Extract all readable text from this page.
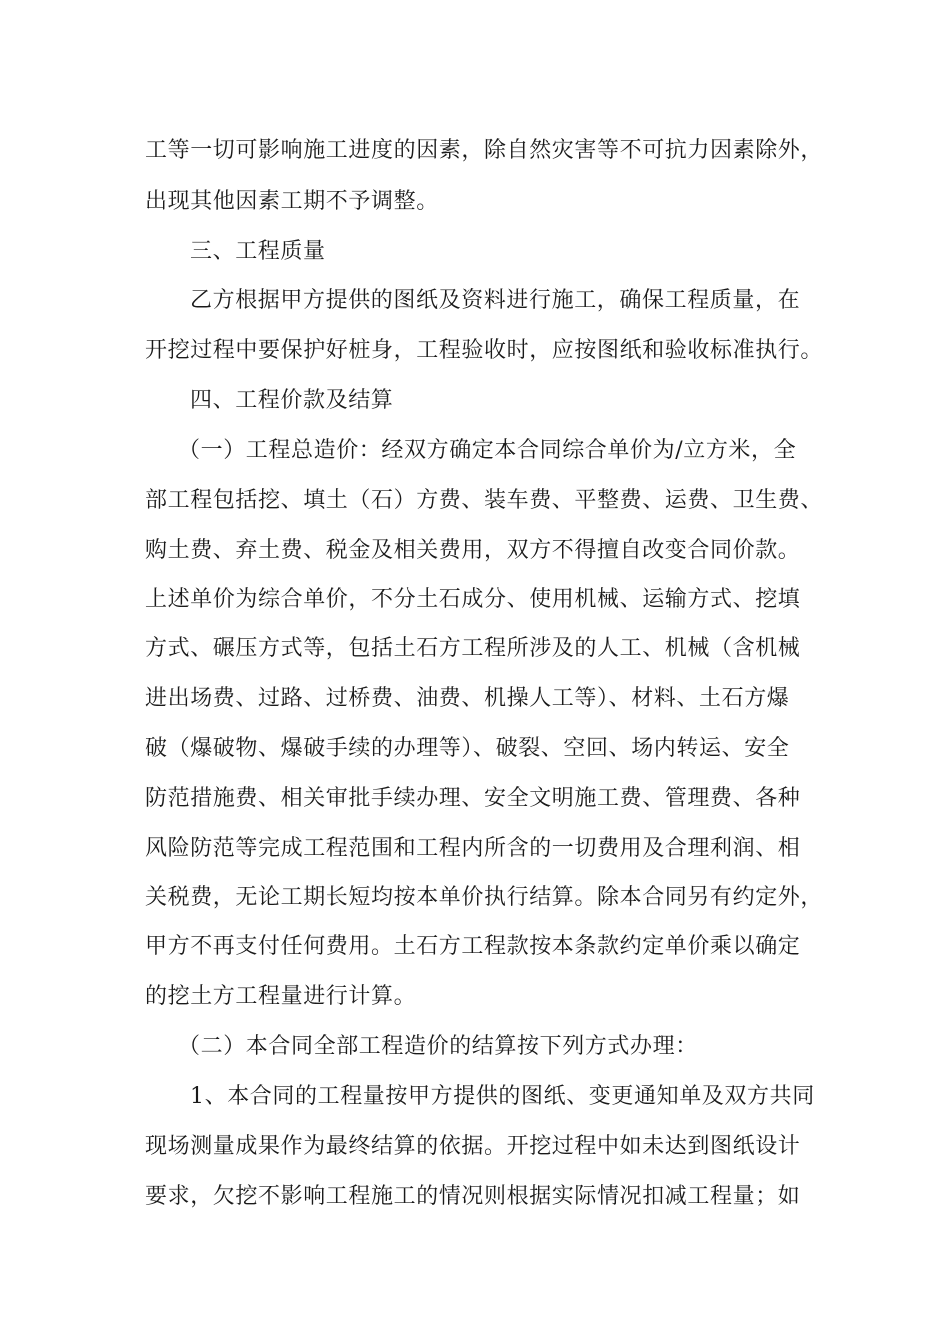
工等一切可影响施工进度的因素，除自然灾害等不可抗力因素除外，
出现其他因素工期不予调整。
三、工程质量
乙方根据甲方提供的图纸及资料进行施工，确保工程质量，在
开挖过程中要保护好桩身，工程验收时，应按图纸和验收标准执行。
四、工程价款及结算
（一）工程总造价：经双方确定本合同综合单价为/立方米，全
部工程包括挖、填土（石）方费、装车费、平整费、运费、卫生费、
购土费、弃土费、税金及相关费用，双方不得擅自改变合同价款。
上述单价为综合单价，不分土石成分、使用机械、运输方式、挖填
方式、碾压方式等，包括土石方工程所涉及的人工、机械（含机械
进出场费、过路、过桥费、油费、机操人工等）、材料、土石方爆
破（爆破物、爆破手续的办理等）、破裂、空回、场内转运、安全
防范措施费、相关审批手续办理、安全文明施工费、管理费、各种
风险防范等完成工程范围和工程内所含的一切费用及合理利润、相
关税费，无论工期长短均按本单价执行结算。除本合同另有约定外，
甲方不再支付任何费用。土石方工程款按本条款约定单价乘以确定
的挖土方工程量进行计算。
（二）本合同全部工程造价的结算按下列方式办理：
1、本合同的工程量按甲方提供的图纸、变更通知单及双方共同
现场测量成果作为最终结算的依据。开挖过程中如未达到图纸设计
要求，欠挖不影响工程施工的情况则根据实际情况扣减工程量；如
